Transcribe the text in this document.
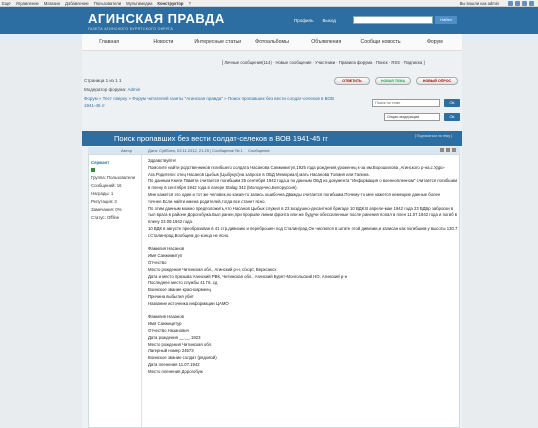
Ещё Управление Магазин Добавление Пользователи Мультимедиа Конструктор ?	Вы вошли как admin
АГИНСКАЯ ПРАВДА
ГАЗЕТА АГИНСКОГО БУРЯТСКОГО ОКРУГА
Профиль Выход	Найти
Главная	Новости	Интересные статьи	Фотоальбомы	Объявления	Сообщи новость	Форум
[ Личные сообщения(114) · Новые сообщения · Участники · Правила форума · Поиск · RSS · Подписка ]
Страница 1 из 1 1
Модератор форума: Admin
Форум » Тест сверху » Форум читателей газеты "Агинская правда" » Поиск пропавших без вести солдат-селеков в ВОВ 1941-45 гг
ОТВЕТИТЬ	НОВАЯ ТЕМА	НОВЫЙ ОПРОС
Поиск по теме	Ok
Опции модерации	Ok
Поиск пропавших без вести солдат-селеков в ВОВ 1941-45 гг	[ Подписаться на тему ]
Автор	Сообщение
Сержант
Группа: Пользователи
Сообщений: 16
Награды: 1
Репутация: 3
Замечания: 0%
Статус: Offline
Дата: Суббота, 03.11.2012, 21:25 | Сообщение № 1
Здравствуйте!
Помогите найти родственников погибшего солдата Насанова Санжимитуп,1925 года рождения,уроженец к-за им.Ворошилова ,Агинского р-на,с.Удро-Ага.Родители: отец Насанов Цыбык (Цыбукус)на запросе в ОБД Мемориал),мать Насанова Толмия или Галина.
По данным Книги Памяти считается погибшим 25 сентября 1942 года,а по данным ОБД из документа "Информация о военнопленном" считается погибшим в плену 6 сентября 1942 года в лагере Stalag 342 (Молодечно,Белоруссия).
Мне кажется это один и тот же человек,но какая-то запись ошибочна.Дважды считается погибшим.Почему-то мне кажется немецкие данные более точнее.Если найти имена родителей,тогда все станет ясно.
По этим данным можно предположить,что Насанов Цыбык служил в 23 воздушно-десантной бригаде 10 ВДК.В апреле-мае 1942 года 23 ВДБр заброски в тыл врага в районе Дорогобужа.Был ранен,при прорыве линии фронта или же будучи обессиленные после ранения попал в плен 11.07.1942 года и погиб в плену 23.09.1942 года.
10 ВДК в августе преобразован в 41 стр.дивизию и переброшен под Сталинград.Он числился в штате этой дивизии,и записан как погибшим у высоты 130.7 г.Сталинград.Вообщем до конца не ясно.
Фамилия Насанов
Имя Санжимитуп
Отчество
Место рождения Читинская обл., Агинский р-н, с/хорт, Верхсансх
Дата и место призыва Агинский РВК, Читинская обл., Агинский Бурят-Монгольский НО, Агинский р-н
Последнее место службы 41 Гв. сд
Воинское звание красноармеец
Причина выбытия убит
Название источника информации ЦАМО
Фамилия Назанов
Имя Санжицетур
Отчество Назанович
Дата рождения __.__.1923
Место рождения Читинская обл.
Лагерный номер 24573
Воинское звание солдат (рядовой)
Дата пленения 11.07.1942
Место пленения Дорогобуж
